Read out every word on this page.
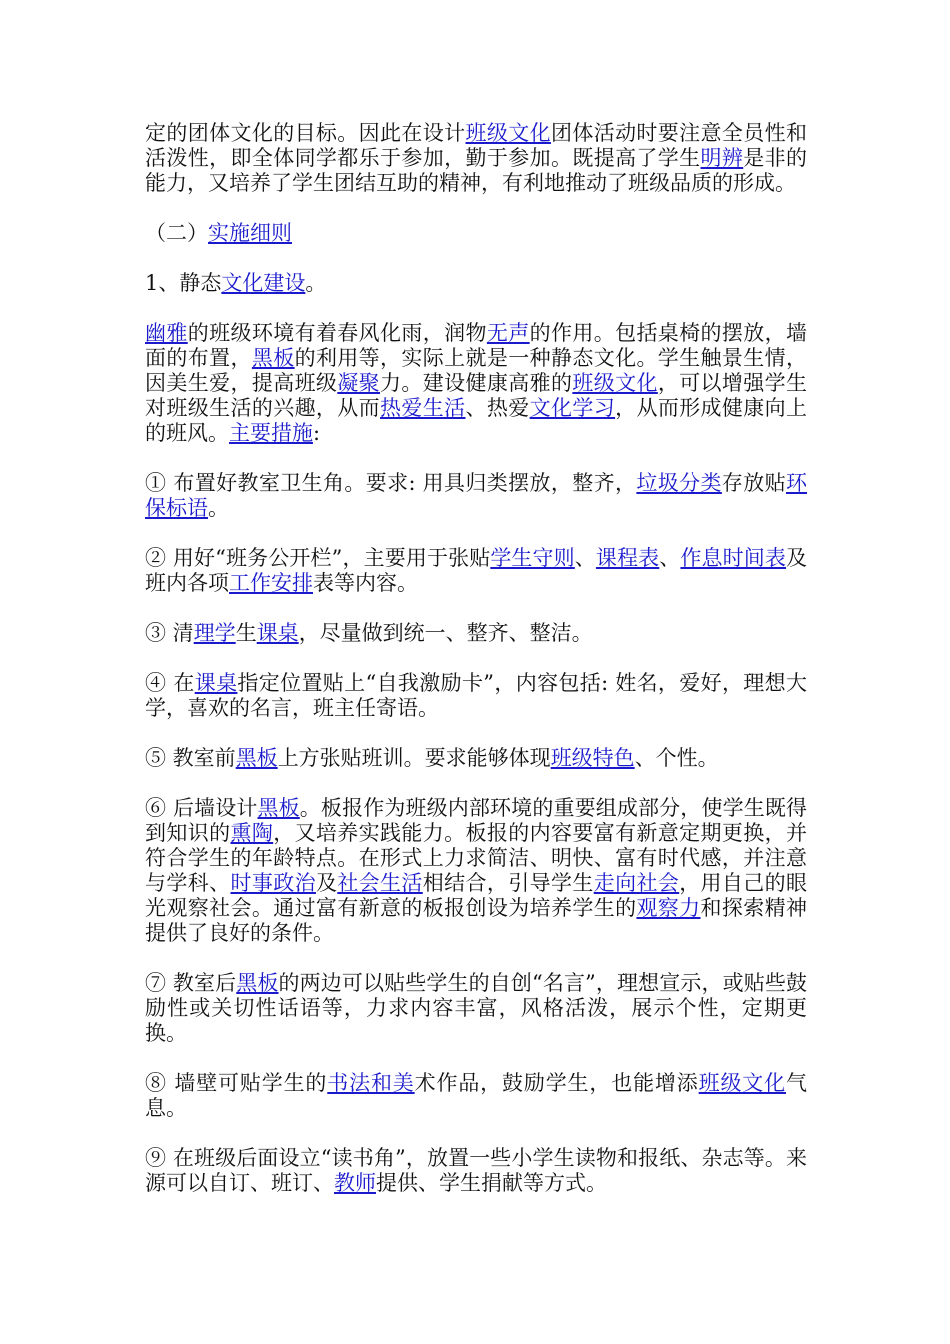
定的团体文化的目标。因此在设计班级文化团体活动时要注意全员性和活泼性，即全体同学都乐于参加，勤于参加。既提高了学生明辨是非的能力，又培养了学生团结互助的精神，有利地推动了班级品质的形成。

（二）实施细则

1、静态文化建设。

幽雅的班级环境有着春风化雨，润物无声的作用。包括桌椅的摆放，墙面的布置，黑板的利用等，实际上就是一种静态文化。学生触景生情，因美生爱，提高班级凝聚力。建设健康高雅的班级文化，可以增强学生对班级生活的兴趣，从而热爱生活、热爱文化学习，从而形成健康向上的班风。主要措施:

① 布置好教室卫生角。要求: 用具归类摆放，整齐，垃圾分类存放贴环保标语。

② 用好“班务公开栏”，主要用于张贴学生守则、课程表、作息时间表及班内各项工作安排表等内容。

③ 清理学生课桌，尽量做到统一、整齐、整洁。

④ 在课桌指定位置贴上“自我激励卡”，内容包括: 姓名，爱好，理想大学，喜欢的名言，班主任寄语。

⑤ 教室前黑板上方张贴班训。要求能够体现班级特色、个性。

⑥ 后墙设计黑板。板报作为班级内部环境的重要组成部分，使学生既得到知识的熏陶，又培养实践能力。板报的内容要富有新意定期更换，并符合学生的年龄特点。在形式上力求简洁、明快、富有时代感，并注意与学科、时事政治及社会生活相结合，引导学生走向社会，用自己的眼光观察社会。通过富有新意的板报创设为培养学生的观察力和探索精神提供了良好的条件。

⑦ 教室后黑板的两边可以贴些学生的自创“名言”，理想宣示，或贴些鼓励性或关切性话语等，力求内容丰富，风格活泼，展示个性，定期更换。

⑧ 墙壁可贴学生的书法和美术作品，鼓励学生，也能增添班级文化气息。

⑨ 在班级后面设立“读书角”，放置一些小学生读物和报纸、杂志等。来源可以自订、班订、教师提供、学生捐献等方式。
